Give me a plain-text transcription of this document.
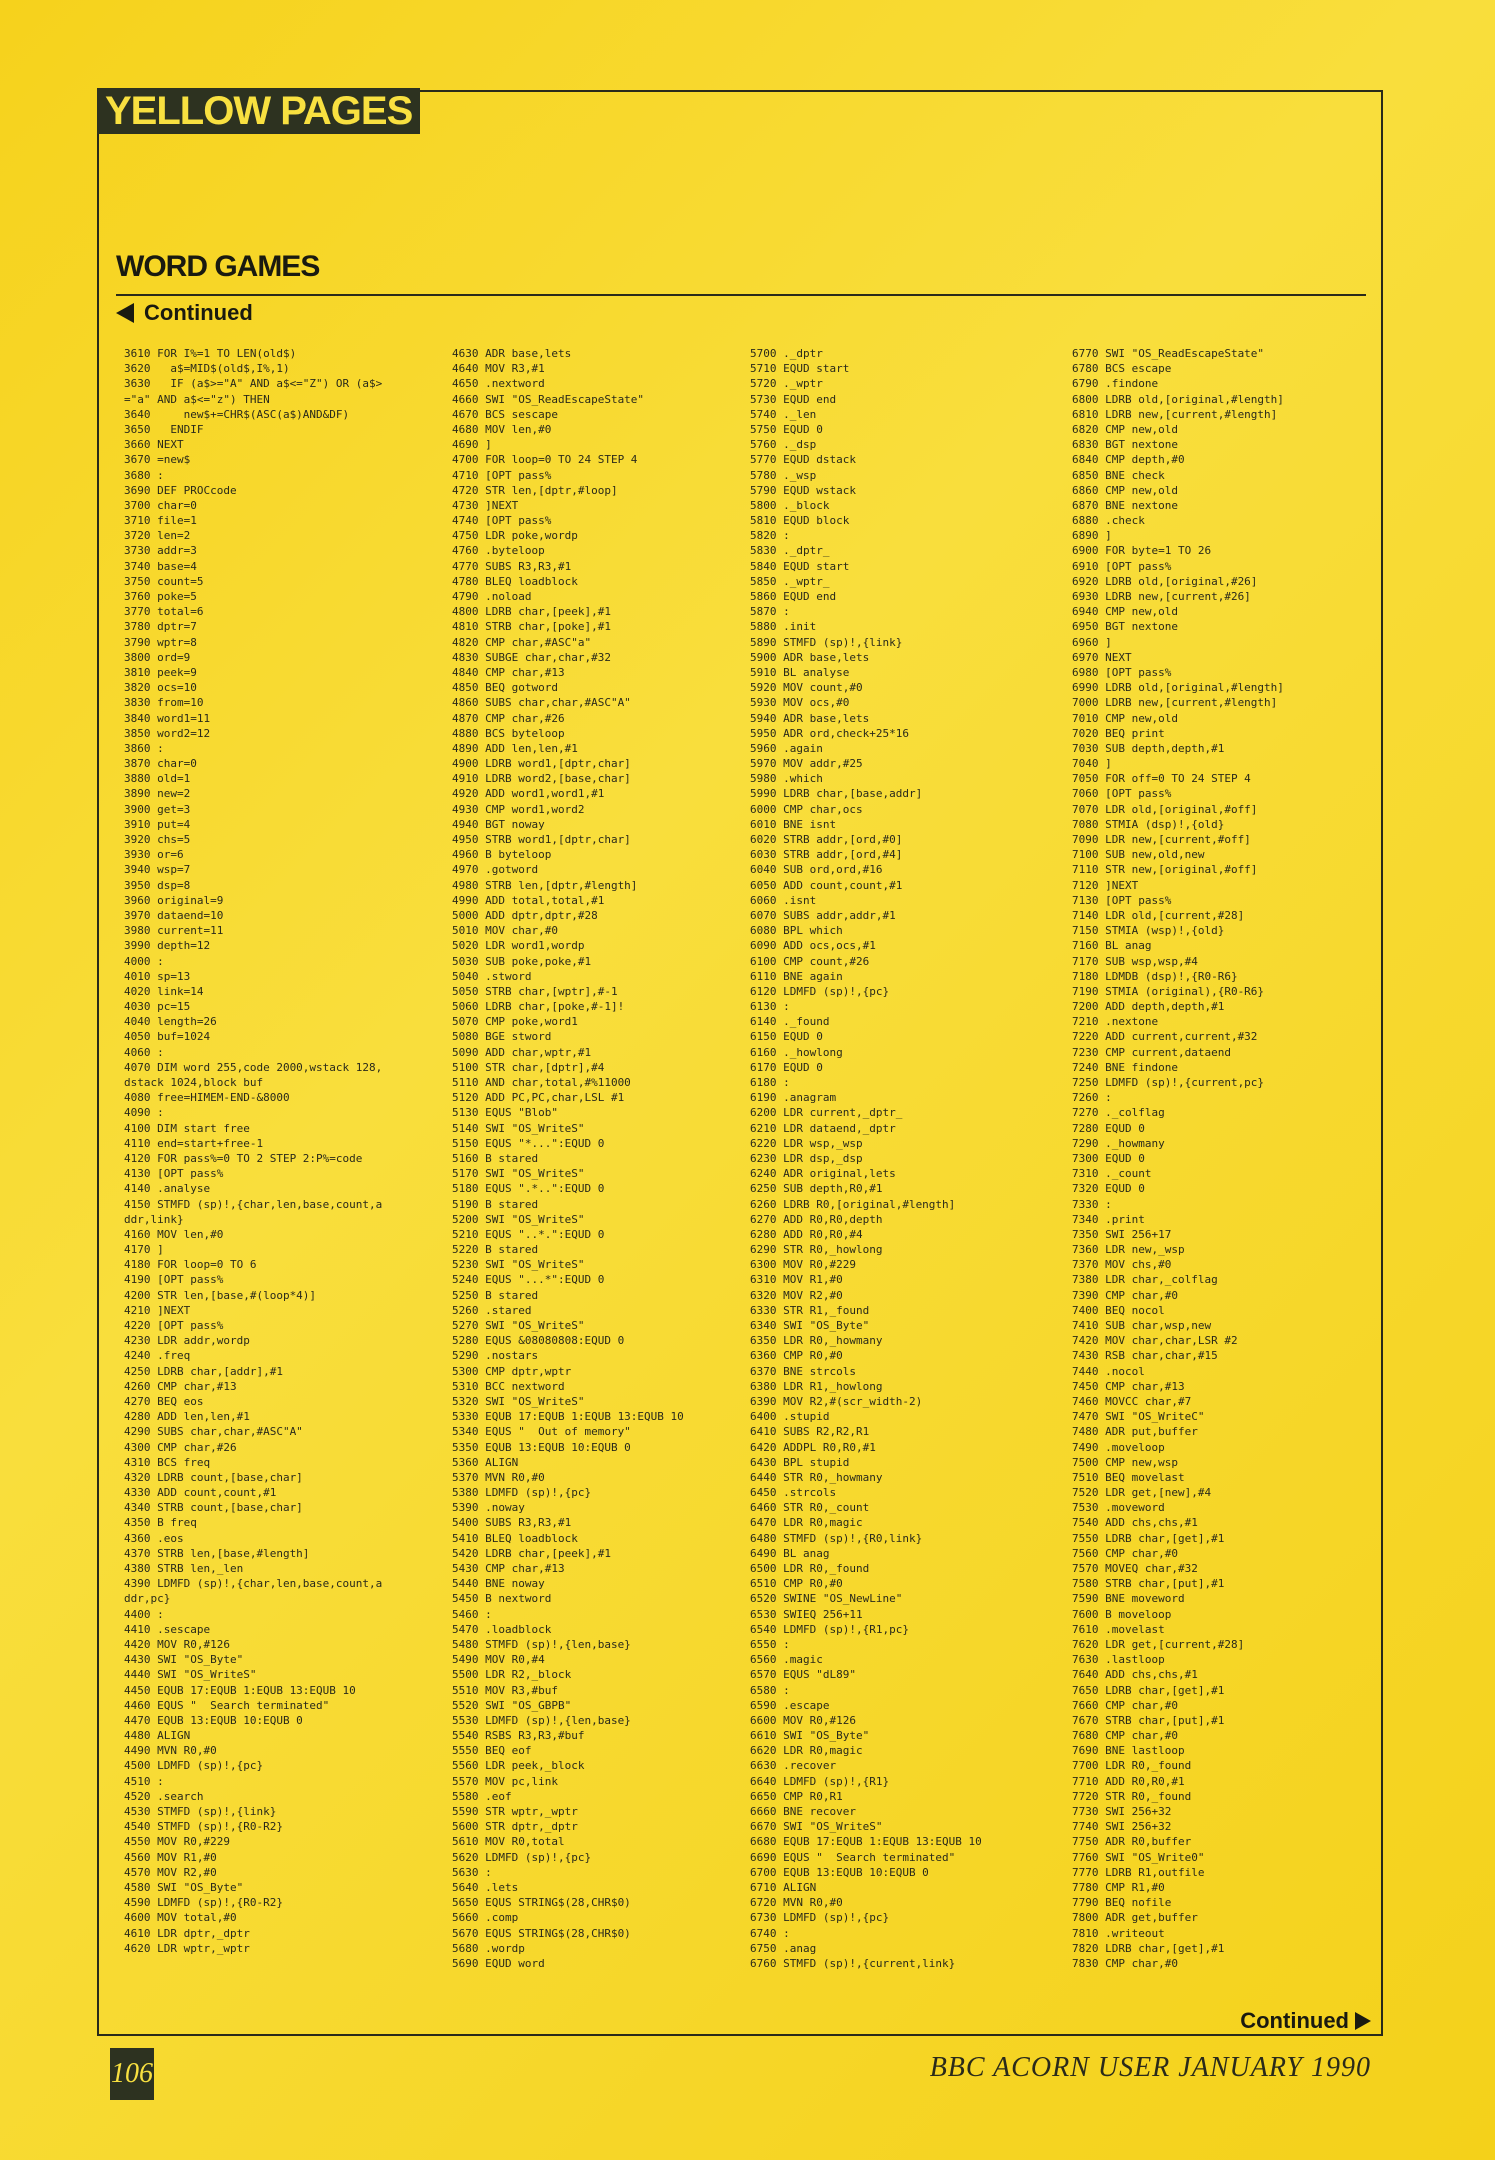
YELLOW PAGES
WORD GAMES
Continued
3610 FOR I%=1 TO LEN(old$)
3620   a$=MID$(old$,I%,1)
3630   IF (a$>="A" AND a$<="Z") OR (a$>
="a" AND a$<="z") THEN
3640     new$+=CHR$(ASC(a$)AND&DF)
3650   ENDIF
3660 NEXT
3670 =new$
3680 :
3690 DEF PROCcode
3700 char=0
3710 file=1
3720 len=2
3730 addr=3
3740 base=4
3750 count=5
3760 poke=5
3770 total=6
3780 dptr=7
3790 wptr=8
3800 ord=9
3810 peek=9
3820 ocs=10
3830 from=10
3840 word1=11
3850 word2=12
3860 :
3870 char=0
3880 old=1
3890 new=2
3900 get=3
3910 put=4
3920 chs=5
3930 or=6
3940 wsp=7
3950 dsp=8
3960 original=9
3970 dataend=10
3980 current=11
3990 depth=12
4000 :
4010 sp=13
4020 link=14
4030 pc=15
4040 length=26
4050 buf=1024
4060 :
4070 DIM word 255,code 2000,wstack 128,
dstack 1024,block buf
4080 free=HIMEM-END-&8000
4090 :
4100 DIM start free
4110 end=start+free-1
4120 FOR pass%=0 TO 2 STEP 2:P%=code
4130 [OPT pass%
4140 .analyse
4150 STMFD (sp)!,{char,len,base,count,a
ddr,link}
4160 MOV len,#0
4170 ]
4180 FOR loop=0 TO 6
4190 [OPT pass%
4200 STR len,[base,#(loop*4)]
4210 ]NEXT
4220 [OPT pass%
4230 LDR addr,wordp
4240 .freq
4250 LDRB char,[addr],#1
4260 CMP char,#13
4270 BEQ eos
4280 ADD len,len,#1
4290 SUBS char,char,#ASC"A"
4300 CMP char,#26
4310 BCS freq
4320 LDRB count,[base,char]
4330 ADD count,count,#1
4340 STRB count,[base,char]
4350 B freq
4360 .eos
4370 STRB len,[base,#length]
4380 STRB len,_len
4390 LDMFD (sp)!,{char,len,base,count,a
ddr,pc}
4400 :
4410 .sescape
4420 MOV R0,#126
4430 SWI "OS_Byte"
4440 SWI "OS_WriteS"
4450 EQUB 17:EQUB 1:EQUB 13:EQUB 10
4460 EQUS "  Search terminated"
4470 EQUB 13:EQUB 10:EQUB 0
4480 ALIGN
4490 MVN R0,#0
4500 LDMFD (sp)!,{pc}
4510 :
4520 .search
4530 STMFD (sp)!,{link}
4540 STMFD (sp)!,{R0-R2}
4550 MOV R0,#229
4560 MOV R1,#0
4570 MOV R2,#0
4580 SWI "OS_Byte"
4590 LDMFD (sp)!,{R0-R2}
4600 MOV total,#0
4610 LDR dptr,_dptr
4620 LDR wptr,_wptr
4630 ADR base,lets
4640 MOV R3,#1
4650 .nextword
4660 SWI "OS_ReadEscapeState"
4670 BCS sescape
4680 MOV len,#0
4690 ]
4700 FOR loop=0 TO 24 STEP 4
4710 [OPT pass%
4720 STR len,[dptr,#loop]
4730 ]NEXT
4740 [OPT pass%
4750 LDR poke,wordp
4760 .byteloop
4770 SUBS R3,R3,#1
4780 BLEQ loadblock
4790 .noload
4800 LDRB char,[peek],#1
4810 STRB char,[poke],#1
4820 CMP char,#ASC"a"
4830 SUBGE char,char,#32
4840 CMP char,#13
4850 BEQ gotword
4860 SUBS char,char,#ASC"A"
4870 CMP char,#26
4880 BCS byteloop
4890 ADD len,len,#1
4900 LDRB word1,[dptr,char]
4910 LDRB word2,[base,char]
4920 ADD word1,word1,#1
4930 CMP word1,word2
4940 BGT noway
4950 STRB word1,[dptr,char]
4960 B byteloop
4970 .gotword
4980 STRB len,[dptr,#length]
4990 ADD total,total,#1
5000 ADD dptr,dptr,#28
5010 MOV char,#0
5020 LDR word1,wordp
5030 SUB poke,poke,#1
5040 .stword
5050 STRB char,[wptr],#-1
5060 LDRB char,[poke,#-1]!
5070 CMP poke,word1
5080 BGE stword
5090 ADD char,wptr,#1
5100 STR char,[dptr],#4
5110 AND char,total,#%11000
5120 ADD PC,PC,char,LSL #1
5130 EQUS "Blob"
5140 SWI "OS_WriteS"
5150 EQUS "*...":EQUD 0
5160 B stared
5170 SWI "OS_WriteS"
5180 EQUS ".*..":EQUD 0
5190 B stared
5200 SWI "OS_WriteS"
5210 EQUS "..*.":EQUD 0
5220 B stared
5230 SWI "OS_WriteS"
5240 EQUS "...*":EQUD 0
5250 B stared
5260 .stared
5270 SWI "OS_WriteS"
5280 EQUS &08080808:EQUD 0
5290 .nostars
5300 CMP dptr,wptr
5310 BCC nextword
5320 SWI "OS_WriteS"
5330 EQUB 17:EQUB 1:EQUB 13:EQUB 10
5340 EQUS "  Out of memory"
5350 EQUB 13:EQUB 10:EQUB 0
5360 ALIGN
5370 MVN R0,#0
5380 LDMFD (sp)!,{pc}
5390 .noway
5400 SUBS R3,R3,#1
5410 BLEQ loadblock
5420 LDRB char,[peek],#1
5430 CMP char,#13
5440 BNE noway
5450 B nextword
5460 :
5470 .loadblock
5480 STMFD (sp)!,{len,base}
5490 MOV R0,#4
5500 LDR R2,_block
5510 MOV R3,#buf
5520 SWI "OS_GBPB"
5530 LDMFD (sp)!,{len,base}
5540 RSBS R3,R3,#buf
5550 BEQ eof
5560 LDR peek,_block
5570 MOV pc,link
5580 .eof
5590 STR wptr,_wptr
5600 STR dptr,_dptr
5610 MOV R0,total
5620 LDMFD (sp)!,{pc}
5630 :
5640 .lets
5650 EQUS STRING$(28,CHR$0)
5660 .comp
5670 EQUS STRING$(28,CHR$0)
5680 .wordp
5690 EQUD word
5700 ._dptr
5710 EQUD start
5720 ._wptr
5730 EQUD end
5740 ._len
5750 EQUD 0
5760 ._dsp
5770 EQUD dstack
5780 ._wsp
5790 EQUD wstack
5800 ._block
5810 EQUD block
5820 :
5830 ._dptr_
5840 EQUD start
5850 ._wptr_
5860 EQUD end
5870 :
5880 .init
5890 STMFD (sp)!,{link}
5900 ADR base,lets
5910 BL analyse
5920 MOV count,#0
5930 MOV ocs,#0
5940 ADR base,lets
5950 ADR ord,check+25*16
5960 .again
5970 MOV addr,#25
5980 .which
5990 LDRB char,[base,addr]
6000 CMP char,ocs
6010 BNE isnt
6020 STRB addr,[ord,#0]
6030 STRB addr,[ord,#4]
6040 SUB ord,ord,#16
6050 ADD count,count,#1
6060 .isnt
6070 SUBS addr,addr,#1
6080 BPL which
6090 ADD ocs,ocs,#1
6100 CMP count,#26
6110 BNE again
6120 LDMFD (sp)!,{pc}
6130 :
6140 ._found
6150 EQUD 0
6160 ._howlong
6170 EQUD 0
6180 :
6190 .anagram
6200 LDR current,_dptr_
6210 LDR dataend,_dptr
6220 LDR wsp,_wsp
6230 LDR dsp,_dsp
6240 ADR original,lets
6250 SUB depth,R0,#1
6260 LDRB R0,[original,#length]
6270 ADD R0,R0,depth
6280 ADD R0,R0,#4
6290 STR R0,_howlong
6300 MOV R0,#229
6310 MOV R1,#0
6320 MOV R2,#0
6330 STR R1,_found
6340 SWI "OS_Byte"
6350 LDR R0,_howmany
6360 CMP R0,#0
6370 BNE strcols
6380 LDR R1,_howlong
6390 MOV R2,#(scr_width-2)
6400 .stupid
6410 SUBS R2,R2,R1
6420 ADDPL R0,R0,#1
6430 BPL stupid
6440 STR R0,_howmany
6450 .strcols
6460 STR R0,_count
6470 LDR R0,magic
6480 STMFD (sp)!,{R0,link}
6490 BL anag
6500 LDR R0,_found
6510 CMP R0,#0
6520 SWINE "OS_NewLine"
6530 SWIEQ 256+11
6540 LDMFD (sp)!,{R1,pc}
6550 :
6560 .magic
6570 EQUS "dL89"
6580 :
6590 .escape
6600 MOV R0,#126
6610 SWI "OS_Byte"
6620 LDR R0,magic
6630 .recover
6640 LDMFD (sp)!,{R1}
6650 CMP R0,R1
6660 BNE recover
6670 SWI "OS_WriteS"
6680 EQUB 17:EQUB 1:EQUB 13:EQUB 10
6690 EQUS "  Search terminated"
6700 EQUB 13:EQUB 10:EQUB 0
6710 ALIGN
6720 MVN R0,#0
6730 LDMFD (sp)!,{pc}
6740 :
6750 .anag
6760 STMFD (sp)!,{current,link}
6770 SWI "OS_ReadEscapeState"
6780 BCS escape
6790 .findone
6800 LDRB old,[original,#length]
6810 LDRB new,[current,#length]
6820 CMP new,old
6830 BGT nextone
6840 CMP depth,#0
6850 BNE check
6860 CMP new,old
6870 BNE nextone
6880 .check
6890 ]
6900 FOR byte=1 TO 26
6910 [OPT pass%
6920 LDRB old,[original,#26]
6930 LDRB new,[current,#26]
6940 CMP new,old
6950 BGT nextone
6960 ]
6970 NEXT
6980 [OPT pass%
6990 LDRB old,[original,#length]
7000 LDRB new,[current,#length]
7010 CMP new,old
7020 BEQ print
7030 SUB depth,depth,#1
7040 ]
7050 FOR off=0 TO 24 STEP 4
7060 [OPT pass%
7070 LDR old,[original,#off]
7080 STMIA (dsp)!,{old}
7090 LDR new,[current,#off]
7100 SUB new,old,new
7110 STR new,[original,#off]
7120 ]NEXT
7130 [OPT pass%
7140 LDR old,[current,#28]
7150 STMIA (wsp)!,{old}
7160 BL anag
7170 SUB wsp,wsp,#4
7180 LDMDB (dsp)!,{R0-R6}
7190 STMIA (original),{R0-R6}
7200 ADD depth,depth,#1
7210 .nextone
7220 ADD current,current,#32
7230 CMP current,dataend
7240 BNE findone
7250 LDMFD (sp)!,{current,pc}
7260 :
7270 ._colflag
7280 EQUD 0
7290 ._howmany
7300 EQUD 0
7310 ._count
7320 EQUD 0
7330 :
7340 .print
7350 SWI 256+17
7360 LDR new,_wsp
7370 MOV chs,#0
7380 LDR char,_colflag
7390 CMP char,#0
7400 BEQ nocol
7410 SUB char,wsp,new
7420 MOV char,char,LSR #2
7430 RSB char,char,#15
7440 .nocol
7450 CMP char,#13
7460 MOVCC char,#7
7470 SWI "OS_WriteC"
7480 ADR put,buffer
7490 .moveloop
7500 CMP new,wsp
7510 BEQ movelast
7520 LDR get,[new],#4
7530 .moveword
7540 ADD chs,chs,#1
7550 LDRB char,[get],#1
7560 CMP char,#0
7570 MOVEQ char,#32
7580 STRB char,[put],#1
7590 BNE moveword
7600 B moveloop
7610 .movelast
7620 LDR get,[current,#28]
7630 .lastloop
7640 ADD chs,chs,#1
7650 LDRB char,[get],#1
7660 CMP char,#0
7670 STRB char,[put],#1
7680 CMP char,#0
7690 BNE lastloop
7700 LDR R0,_found
7710 ADD R0,R0,#1
7720 STR R0,_found
7730 SWI 256+32
7740 SWI 256+32
7750 ADR R0,buffer
7760 SWI "OS_Write0"
7770 LDRB R1,outfile
7780 CMP R1,#0
7790 BEQ nofile
7800 ADR get,buffer
7810 .writeout
7820 LDRB char,[get],#1
7830 CMP char,#0
Continued
106	BBC ACORN USER JANUARY 1990
